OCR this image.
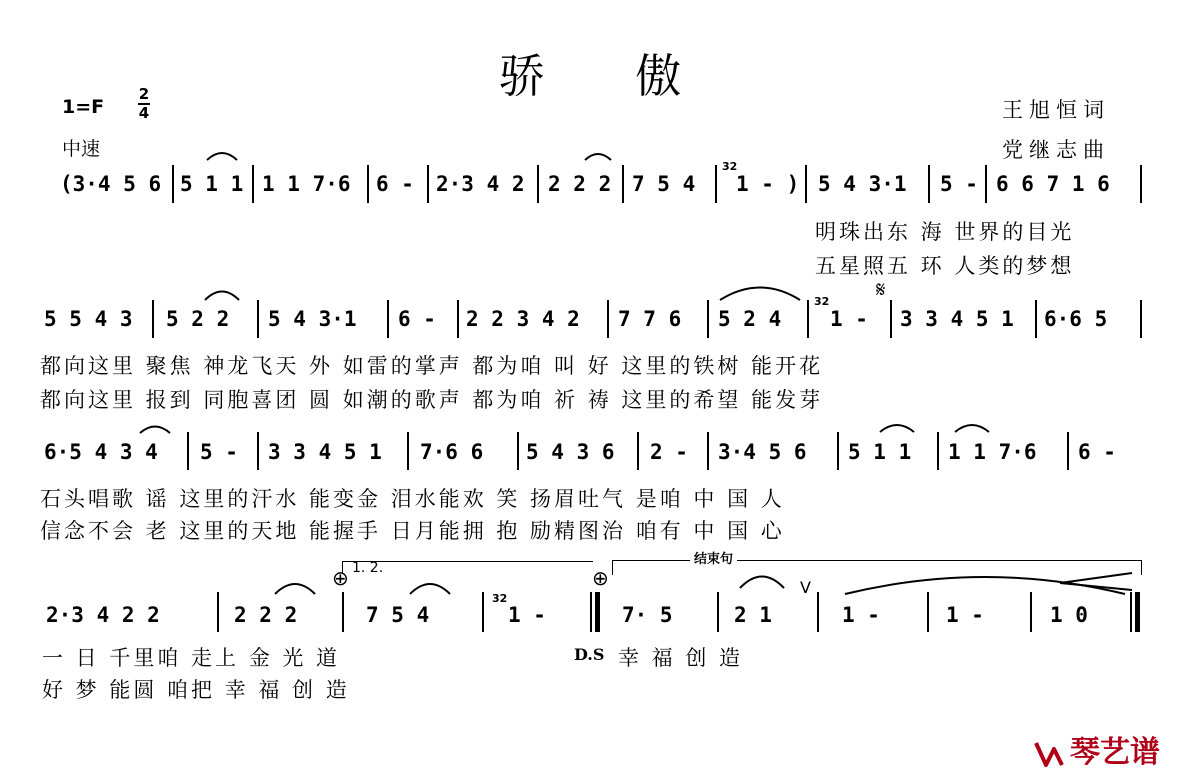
骄 傲
1=F
2
4
中速
王旭恒词
党继志曲
(3·4 5 6 5 1 1 1 1 7·6 6 - 2·3 4 2 2 2 2 7 5 4
32
1 - ) 5 4 3·1 5 - 6 6 7 1 6
明珠出东 海 世界的目光
五星照五 环 人类的梦想
5 5 4 3 5 2 2 5 4 3·1 6 - 2 2 3 4 2 7 7 6 5 2 4
32 𝄋
1 - 3 3 4 5 1 6·6 5
都向这里 聚焦 神龙飞天 外 如雷的掌声 都为咱 叫 好 这里的铁树 能开花
都向这里 报到 同胞喜团 圆 如潮的歌声 都为咱 祈 祷 这里的希望 能发芽
6·5 4 3 4 5 - 3 3 4 5 1 7·6 6 5 4 3 6 2 - 3·4 5 6 5 1 1 1 1 7·6 6 -
石头唱歌 谣 这里的汗水 能变金 泪水能欢 笑 扬眉吐气 是咱 中 国 人
信念不会 老 这里的天地 能握手 日月能拥 抱 励精图治 咱有 中 国 心
1. 2.
⊕	⊕
结束句
2·3 4 2 2	2 2 2	7 5 4
32
1 -	7· 5	2 1
V
1 -	1 -	1 0
一 日 千里咱 走上 金 光 道	D.S 幸 福 创 造
好 梦 能圆 咱把 幸 福 创 造
琴艺谱
